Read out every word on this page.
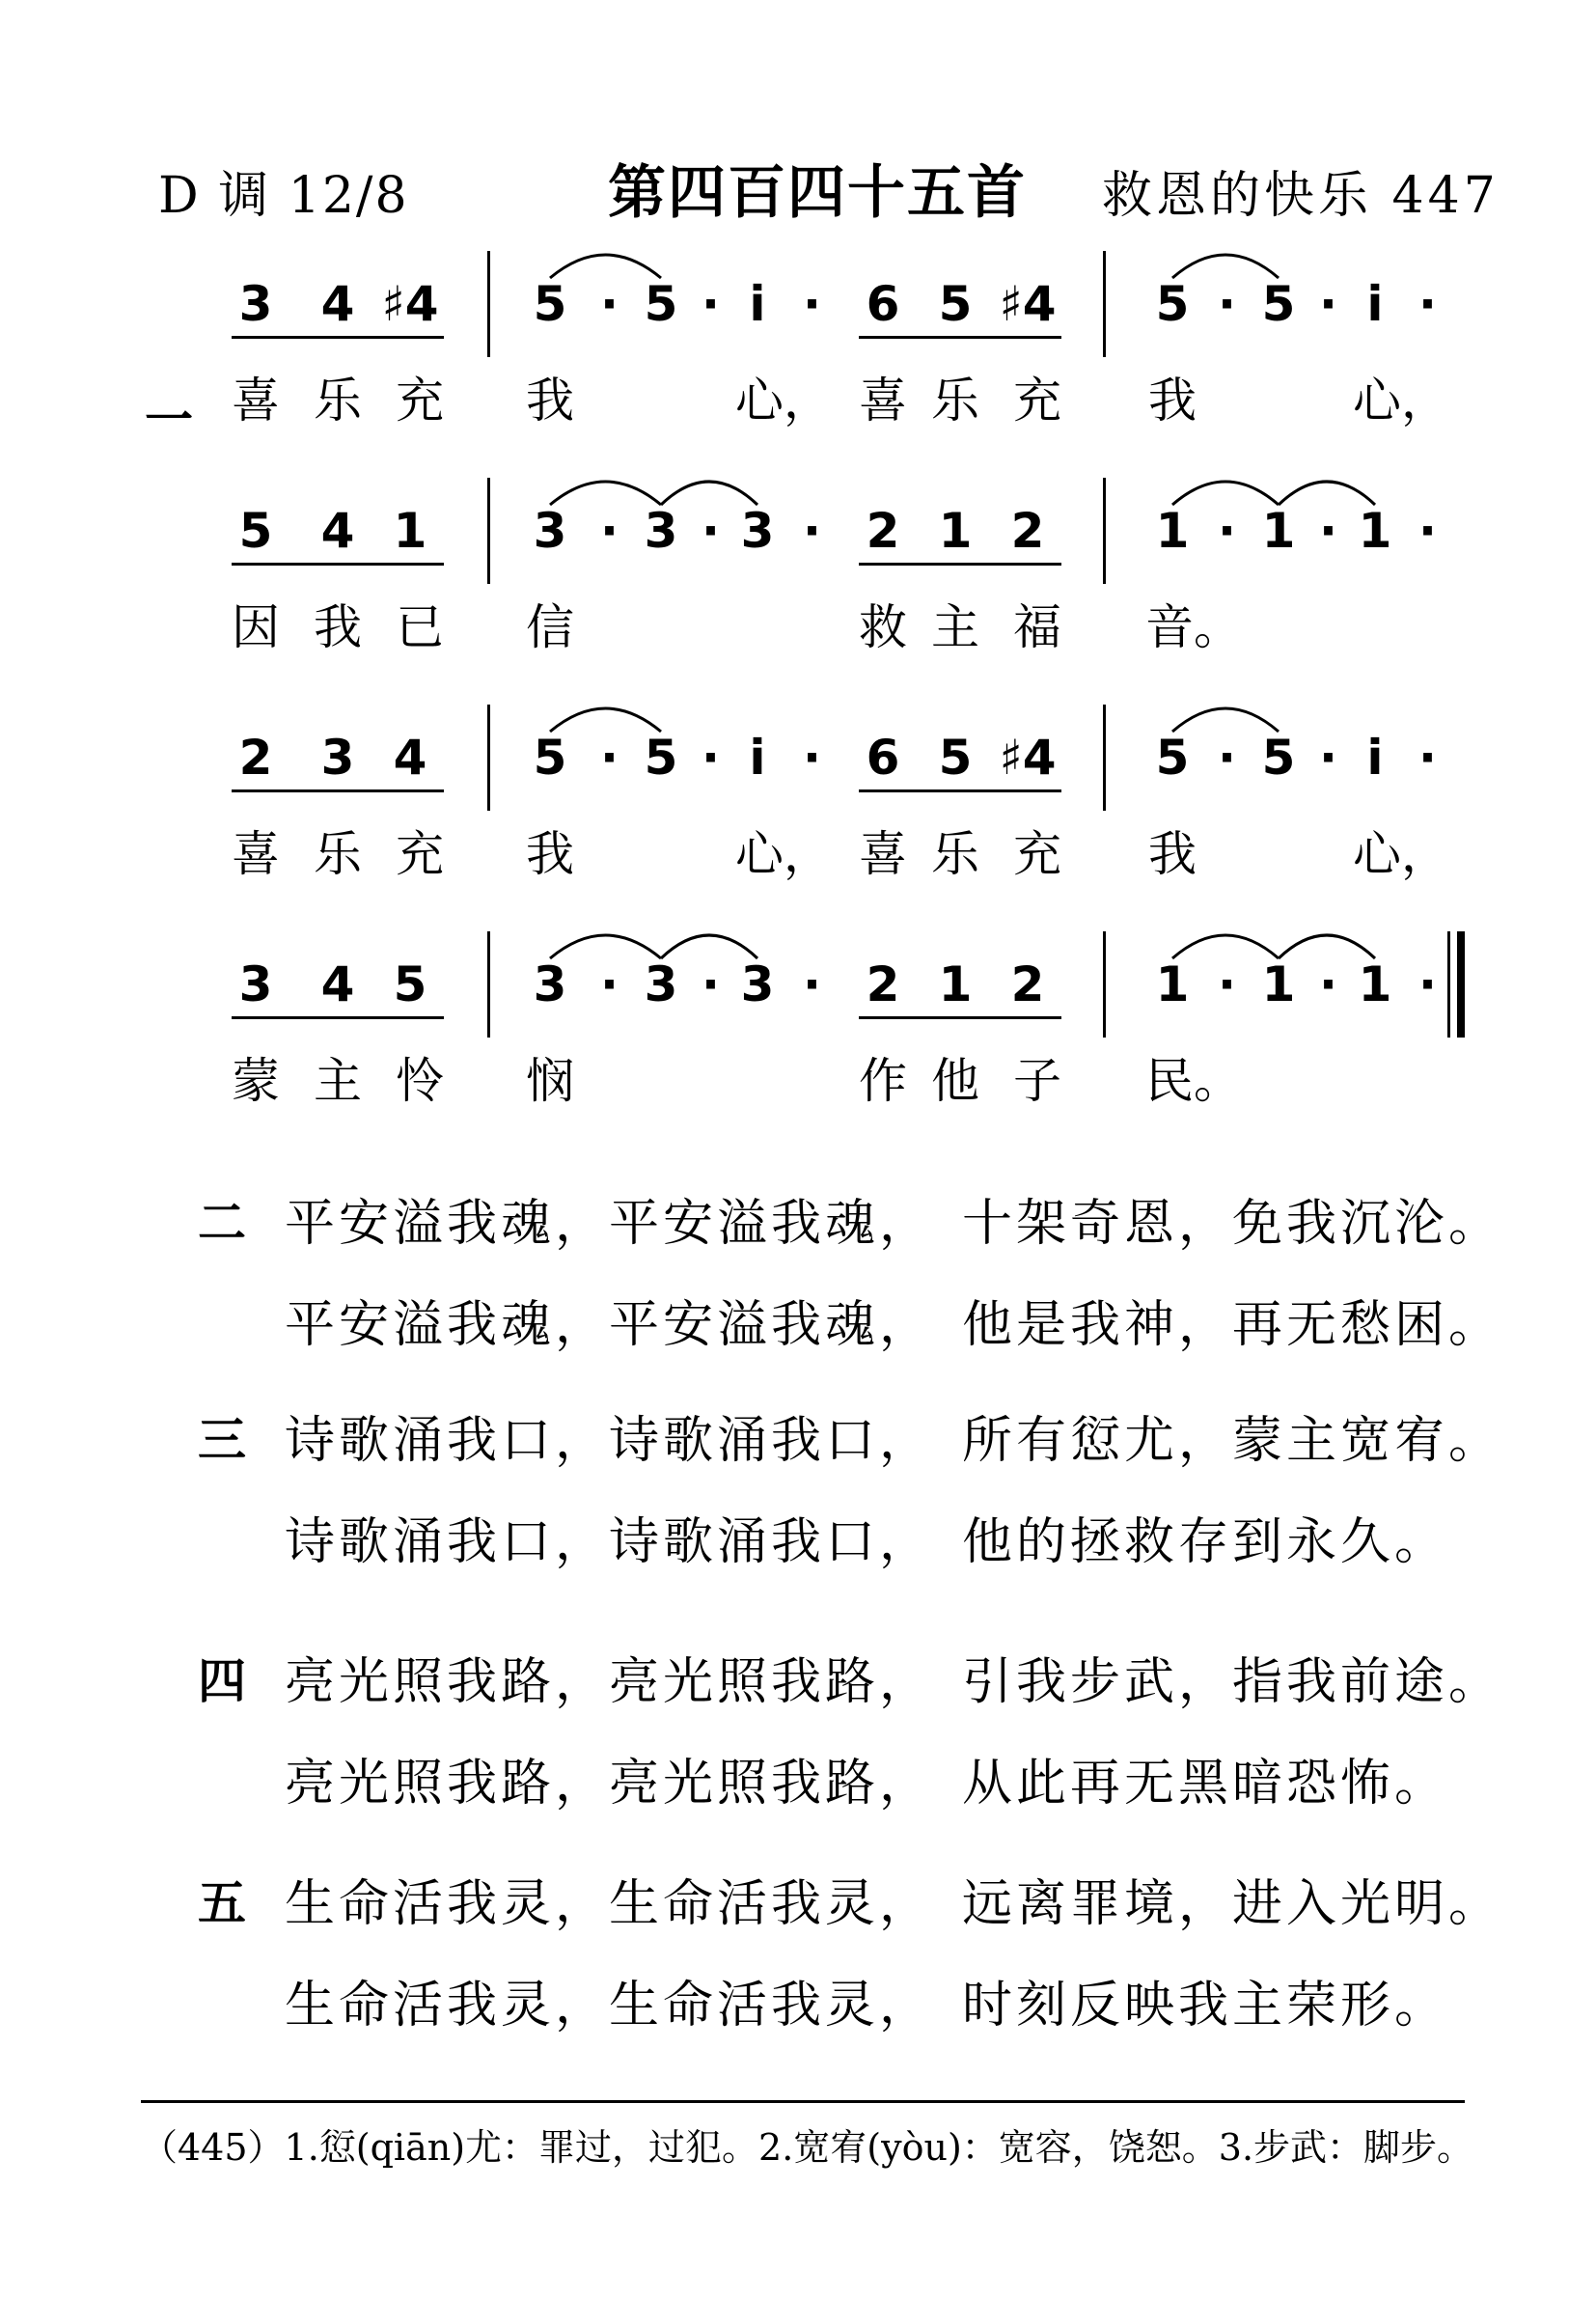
D 调 12/8	第四百四十五首 救恩的快乐 447
3 4 ♯4 5 · 5 · i̇ · 6 5 ♯4 5 · 5 · i̇ ·
喜 乐 充 我	心， 喜 乐 充 我	心，
5 4 1 3 · 3 · 3 · 2 1 2 1 · 1 · 1 ·
因 我 已 信	救 主 福 音。
2 3 4 5 · 5 · i̇ · 6 5 ♯4 5 · 5 · i̇ ·
喜 乐 充 我	心， 喜 乐 充 我	心，
3 4 5 3 · 3 · 3 · 2 1 2 1 · 1 · 1 ·
蒙 主 怜 悯	作 他 子 民。
一
二 平安溢我魂，平安溢我魂，　十架奇恩，免我沉沦。
平安溢我魂，平安溢我魂，　他是我神，再无愁困。
三 诗歌涌我口，诗歌涌我口，　所有愆尤，蒙主宽宥。
诗歌涌我口，诗歌涌我口，　他的拯救存到永久。
四 亮光照我路，亮光照我路，　引我步武，指我前途。
亮光照我路，亮光照我路，　从此再无黑暗恐怖。
五 生命活我灵，生命活我灵，　远离罪境，进入光明。
生命活我灵，生命活我灵，　时刻反映我主荣形。
（445）1.愆(qiān)尤：罪过，过犯。2.宽宥(yòu)：宽容，饶恕。3.步武：脚步。
